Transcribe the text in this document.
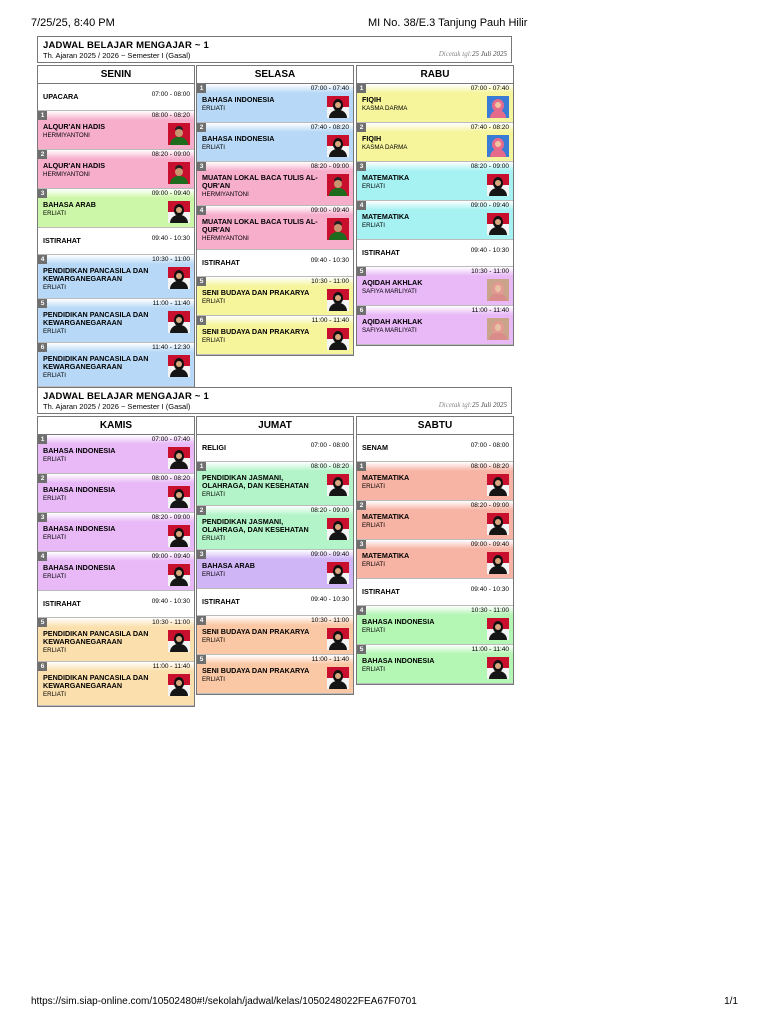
7/25/25, 8:40 PM	MI No. 38/E.3 Tanjung Pauh Hilir
JADWAL BELAJAR MENGAJAR ~ 1
Th. Ajaran 2025 / 2026 ~ Semester I (Gasal)	Dicetak tgl:25 Juli 2025
SENIN
UPACARA	07:00 - 08:00
1	08:00 - 08:20
ALQUR'AN HADIS
HERMIYANTONI
2	08:20 - 09:00
ALQUR'AN HADIS
HERMIYANTONI
3	09:00 - 09:40
BAHASA ARAB
ERLIATI
ISTIRAHAT	09:40 - 10:30
4	10:30 - 11:00
PENDIDIKAN PANCASILA DAN KEWARGANEGARAAN
ERLIATI
5	11:00 - 11:40
PENDIDIKAN PANCASILA DAN KEWARGANEGARAAN
ERLIATI
6	11:40 - 12:30
PENDIDIKAN PANCASILA DAN KEWARGANEGARAAN
ERLIATI
SELASA
1	07:00 - 07:40
BAHASA INDONESIA
ERLIATI
2	07:40 - 08:20
BAHASA INDONESIA
ERLIATI
3	08:20 - 09:00
MUATAN LOKAL BACA TULIS AL-QUR'AN
HERMIYANTONI
4	09:00 - 09:40
MUATAN LOKAL BACA TULIS AL-QUR'AN
HERMIYANTONI
ISTIRAHAT	09:40 - 10:30
5	10:30 - 11:00
SENI BUDAYA DAN PRAKARYA
ERLIATI
6	11:00 - 11:40
SENI BUDAYA DAN PRAKARYA
ERLIATI
RABU
1	07:00 - 07:40
FIQIH
KASMA DARMA
2	07:40 - 08:20
FIQIH
KASMA DARMA
3	08:20 - 09:00
MATEMATIKA
ERLIATI
4	09:00 - 09:40
MATEMATIKA
ERLIATI
ISTIRAHAT	09:40 - 10:30
5	10:30 - 11:00
AQIDAH AKHLAK
SAFIYA MARLIYATI
6	11:00 - 11:40
AQIDAH AKHLAK
SAFIYA MARLIYATI
JADWAL BELAJAR MENGAJAR ~ 1
Th. Ajaran 2025 / 2026 ~ Semester I (Gasal)	Dicetak tgl:25 Juli 2025
KAMIS
1	07:00 - 07:40
BAHASA INDONESIA
ERLIATI
2	08:00 - 08:20
BAHASA INDONESIA
ERLIATI
3	08:20 - 09:00
BAHASA INDONESIA
ERLIATI
4	09:00 - 09:40
BAHASA INDONESIA
ERLIATI
ISTIRAHAT	09:40 - 10:30
5	10:30 - 11:00
PENDIDIKAN PANCASILA DAN KEWARGANEGARAAN
ERLIATI
6	11:00 - 11:40
PENDIDIKAN PANCASILA DAN KEWARGANEGARAAN
ERLIATI
JUMAT
RELIGI	07:00 - 08:00
1	08:00 - 08:20
PENDIDIKAN JASMANI, OLAHRAGA, DAN KESEHATAN
ERLIATI
2	08:20 - 09:00
PENDIDIKAN JASMANI, OLAHRAGA, DAN KESEHATAN
ERLIATI
3	09:00 - 09:40
BAHASA ARAB
ERLIATI
ISTIRAHAT	09:40 - 10:30
4	10:30 - 11:00
SENI BUDAYA DAN PRAKARYA
ERLIATI
5	11:00 - 11:40
SENI BUDAYA DAN PRAKARYA
ERLIATI
SABTU
SENAM	07:00 - 08:00
1	08:00 - 08:20
MATEMATIKA
ERLIATI
2	08:20 - 09:00
MATEMATIKA
ERLIATI
3	09:00 - 09:40
MATEMATIKA
ERLIATI
ISTIRAHAT	09:40 - 10:30
4	10:30 - 11:00
BAHASA INDONESIA
ERLIATI
5	11:00 - 11:40
BAHASA INDONESIA
ERLIATI
https://sim.siap-online.com/10502480#!/sekolah/jadwal/kelas/1050248022FEA67F0701	1/1
